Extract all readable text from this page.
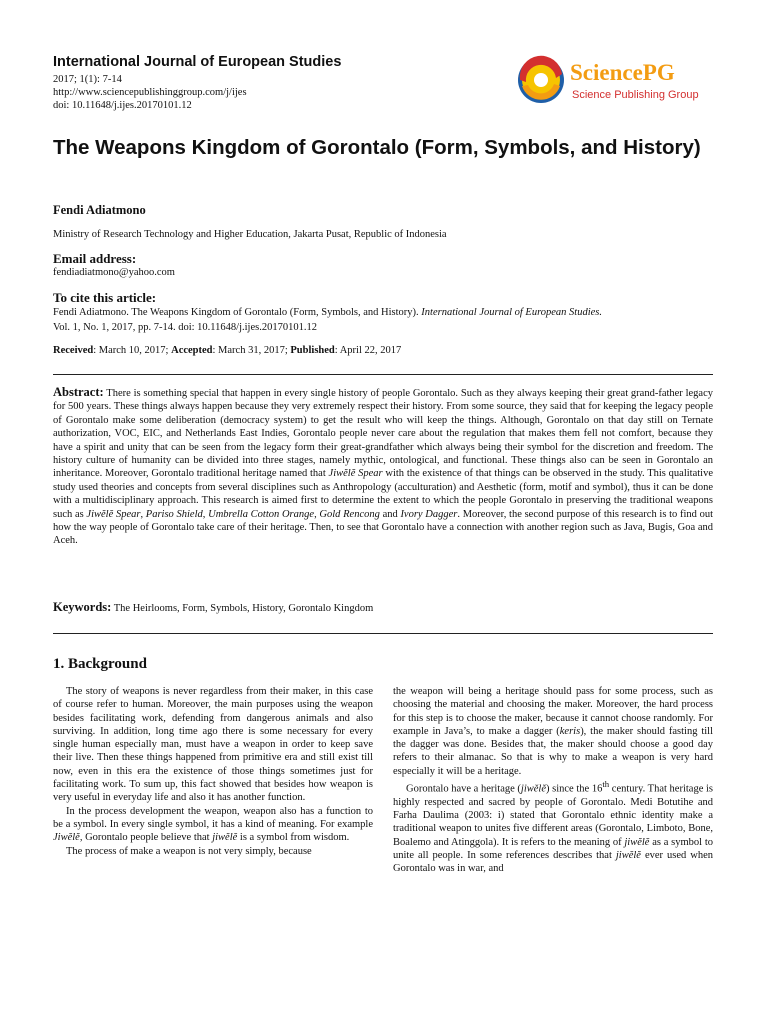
International Journal of European Studies
2017; 1(1): 7-14
http://www.sciencepublishinggroup.com/j/ijes
doi: 10.11648/j.ijes.20170101.12
SciencePG
Science Publishing Group
The Weapons Kingdom of Gorontalo (Form, Symbols, and History)
Fendi Adiatmono
Ministry of Research Technology and Higher Education, Jakarta Pusat, Republic of Indonesia
Email address:
fendiadiatmono@yahoo.com
To cite this article:
Fendi Adiatmono. The Weapons Kingdom of Gorontalo (Form, Symbols, and History). International Journal of European Studies.
Vol. 1, No. 1, 2017, pp. 7-14. doi: 10.11648/j.ijes.20170101.12
Received: March 10, 2017; Accepted: March 31, 2017; Published: April 22, 2017

Abstract: There is something special that happen in every single history of people Gorontalo. Such as they always keeping their great grand-father legacy for 500 years. These things always happen because they very extremely respect their history. From some source, they said that for keeping the legacy people of Gorontalo make some deliberation (democracy system) to get the result who will keep the things. Although, Gorontalo on that day still on Ternate authorization, VOC, EIC, and Netherlands East Indies, Gorontalo people never care about the regulation that makes them fell not comfort, because they have a spirit and unity that can be seen from the legacy form their great-grandfather which always being their symbol for the discretion and freedom. The history culture of humanity can be divided into three stages, namely mythic, ontological, and functional. These things also can be seen in Gorontalo an inheritance. Moreover, Gorontalo traditional heritage named that Jiwĕlĕ Spear with the existence of that things can be observed in the study. This qualitative study used theories and concepts from several disciplines such as Anthropology (acculturation) and Aesthetic (form, motif and symbol), thus it can be done with a multidisciplinary approach. This research is aimed first to determine the extent to which the people Gorontalo in preserving the traditional weapons such as Jiwĕlĕ Spear, Pariso Shield, Umbrella Cotton Orange, Gold Rencong and Ivory Dagger. Moreover, the second purpose of this research is to find out how the way people of Gorontalo take care of their heritage. Then, to see that Gorontalo have a connection with another region such as Java, Bugis, Goa and Aceh.

Keywords: The Heirlooms, Form, Symbols, History, Gorontalo Kingdom

1. Background

The story of weapons is never regardless from their maker, in this case of course refer to human. Moreover, the main purposes using the weapon besides facilitating work, defending from dangerous animals and also surviving. In addition, long time ago there is some necessary for every single human especially man, must have a weapon in order to keep save their live. Then these things happened from primitive era and still exist till now, even in this era the existence of those things sometimes just for facilitating work. To sum up, this fact showed that besides how weapon is very useful in everyday life and also it has another function.

In the process development the weapon, weapon also has a function to be a symbol. In every single symbol, it has a kind of meaning. For example Jiwĕlĕ, Gorontalo people believe that jiwĕlĕ is a symbol from wisdom.

The process of make a weapon is not very simply, because

the weapon will being a heritage should pass for some process, such as choosing the material and choosing the maker. Moreover, the hard process for this step is to choose the maker, because it cannot choose randomly. For example in Java’s, to make a dagger (keris), the maker should fasting till the dagger was done. Besides that, the maker should choose a good day refers to their almanac. So that is why to make a weapon is very hard especially it will be a heritage.

Gorontalo have a heritage (jiwĕlĕ) since the 16th century. That heritage is highly respected and sacred by people of Gorontalo. Medi Botutihe and Farha Daulima (2003: i) stated that Gorontalo ethnic identity make a traditional weapon to unites five different areas (Gorontalo, Limboto, Bone, Boalemo and Atinggola). It is refers to the meaning of jiwĕlĕ as a symbol to unite all people. In some references describes that jiwĕlĕ ever used when Gorontalo was in war, and
